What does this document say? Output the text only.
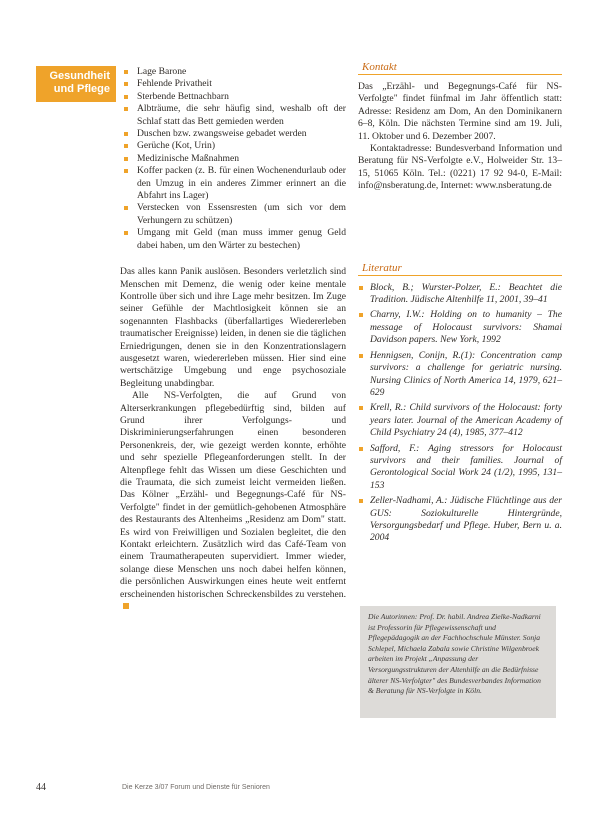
Gesundheit
und Pflege
Lage Barone
Fehlende Privatheit
Sterbende Bettnachbarn
Albträume, die sehr häufig sind, weshalb oft der Schlaf statt das Bett gemieden werden
Duschen bzw. zwangsweise gebadet werden
Gerüche (Kot, Urin)
Medizinische Maßnahmen
Koffer packen (z. B. für einen Wochenendurlaub oder den Umzug in ein anderes Zimmer erinnert an die Abfahrt ins Lager)
Verstecken von Essensresten (um sich vor dem Verhungern zu schützen)
Umgang mit Geld (man muss immer genug Geld dabei haben, um den Wärter zu bestechen)

Das alles kann Panik auslösen. Besonders verletzlich sind Menschen mit Demenz, die wenig oder keine mentale Kontrolle über sich und ihre Lage mehr besitzen. Im Zuge seiner Gefühle der Machtlosigkeit können sie an sogenannten Flashbacks (überfallartiges Wiedererleben traumatischer Ereignisse) leiden, in denen sie die täglichen Erniedrigungen, denen sie in den Konzentrationslagern ausgesetzt waren, wiedererleben müssen. Hier sind eine wertschätzige Umgebung und enge psychosoziale Begleitung unabdingbar.

Alle NS-Verfolgten, die auf Grund von Alterserkrankungen pflegebedürftig sind, bilden auf Grund ihrer Verfolgungs- und Diskriminierungserfahrungen einen besonderen Personenkreis, der, wie gezeigt werden konnte, erhöhte und sehr spezielle Pflegeanforderungen stellt. In der Altenpflege fehlt das Wissen um diese Geschichten und die Traumata, die sich zumeist leicht vermeiden ließen. Das Kölner „Erzähl- und Begegnungs-Café für NS-Verfolgte" findet in der gemütlich-gehobenen Atmosphäre des Restaurants des Altenheims „Residenz am Dom" statt. Es wird von Freiwilligen und Sozialen begleitet, die den Kontakt erleichtern. Zusätzlich wird das Café-Team von einem Traumatherapeuten supervidiert. Immer wieder, solange diese Menschen uns noch dabei helfen können, die persönlichen Auswirkungen eines heute weit entfernt erscheinenden historischen Schreckensbildes zu verstehen.

Kontakt

Das „Erzähl- und Begegnungs-Café für NS-Verfolgte" findet fünfmal im Jahr öffentlich statt: Adresse: Residenz am Dom, An den Dominikanern 6–8, Köln. Die nächsten Termine sind am 19. Juli, 11. Oktober und 6. Dezember 2007.

Kontaktadresse: Bundesverband Information und Beratung für NS-Verfolgte e.V., Holweider Str. 13–15, 51065 Köln. Tel.: (0221) 17 92 94-0, E-Mail: info@nsberatung.de, Internet: www.nsberatung.de

Literatur
Block, B.; Wurster-Polzer, E.: Beachtet die Tradition. Jüdische Altenhilfe 11, 2001, 39–41
Charny, I.W.: Holding on to humanity – The message of Holocaust survivors: Shamai Davidson papers. New York, 1992
Hennigsen, Conijn, R.(1): Concentration camp survivors: a challenge for geriatric nursing. Nursing Clinics of North America 14, 1979, 621–629
Krell, R.: Child survivors of the Holocaust: forty years later. Journal of the American Academy of Child Psychiatry 24 (4), 1985, 377–412
Safford, F.: Aging stressors for Holocaust survivors and their families. Journal of Gerontological Social Work 24 (1/2), 1995, 131–153
Zeller-Nadhami, A.: Jüdische Flüchtlinge aus der GUS: Soziokulturelle Hintergründe, Versorgungsbedarf und Pflege. Huber, Bern u. a. 2004
Die Autorinnen: Prof. Dr. habil. Andrea Zielke-Nadkarni ist Professorin für Pflegewissenschaft und Pflegepädagogik an der Fachhochschule Münster. Sonja Schlepel, Michaela Zabala sowie Christine Wilgenbroek arbeiten im Projekt „Anpassung der Versorgungsstrukturen der Altenhilfe an die Bedürfnisse älterer NS-Verfolgter" des Bundesverbandes Information & Beratung für NS-Verfolgte in Köln.
44	Die Kerze 3/07 Forum und Dienste für Senioren
